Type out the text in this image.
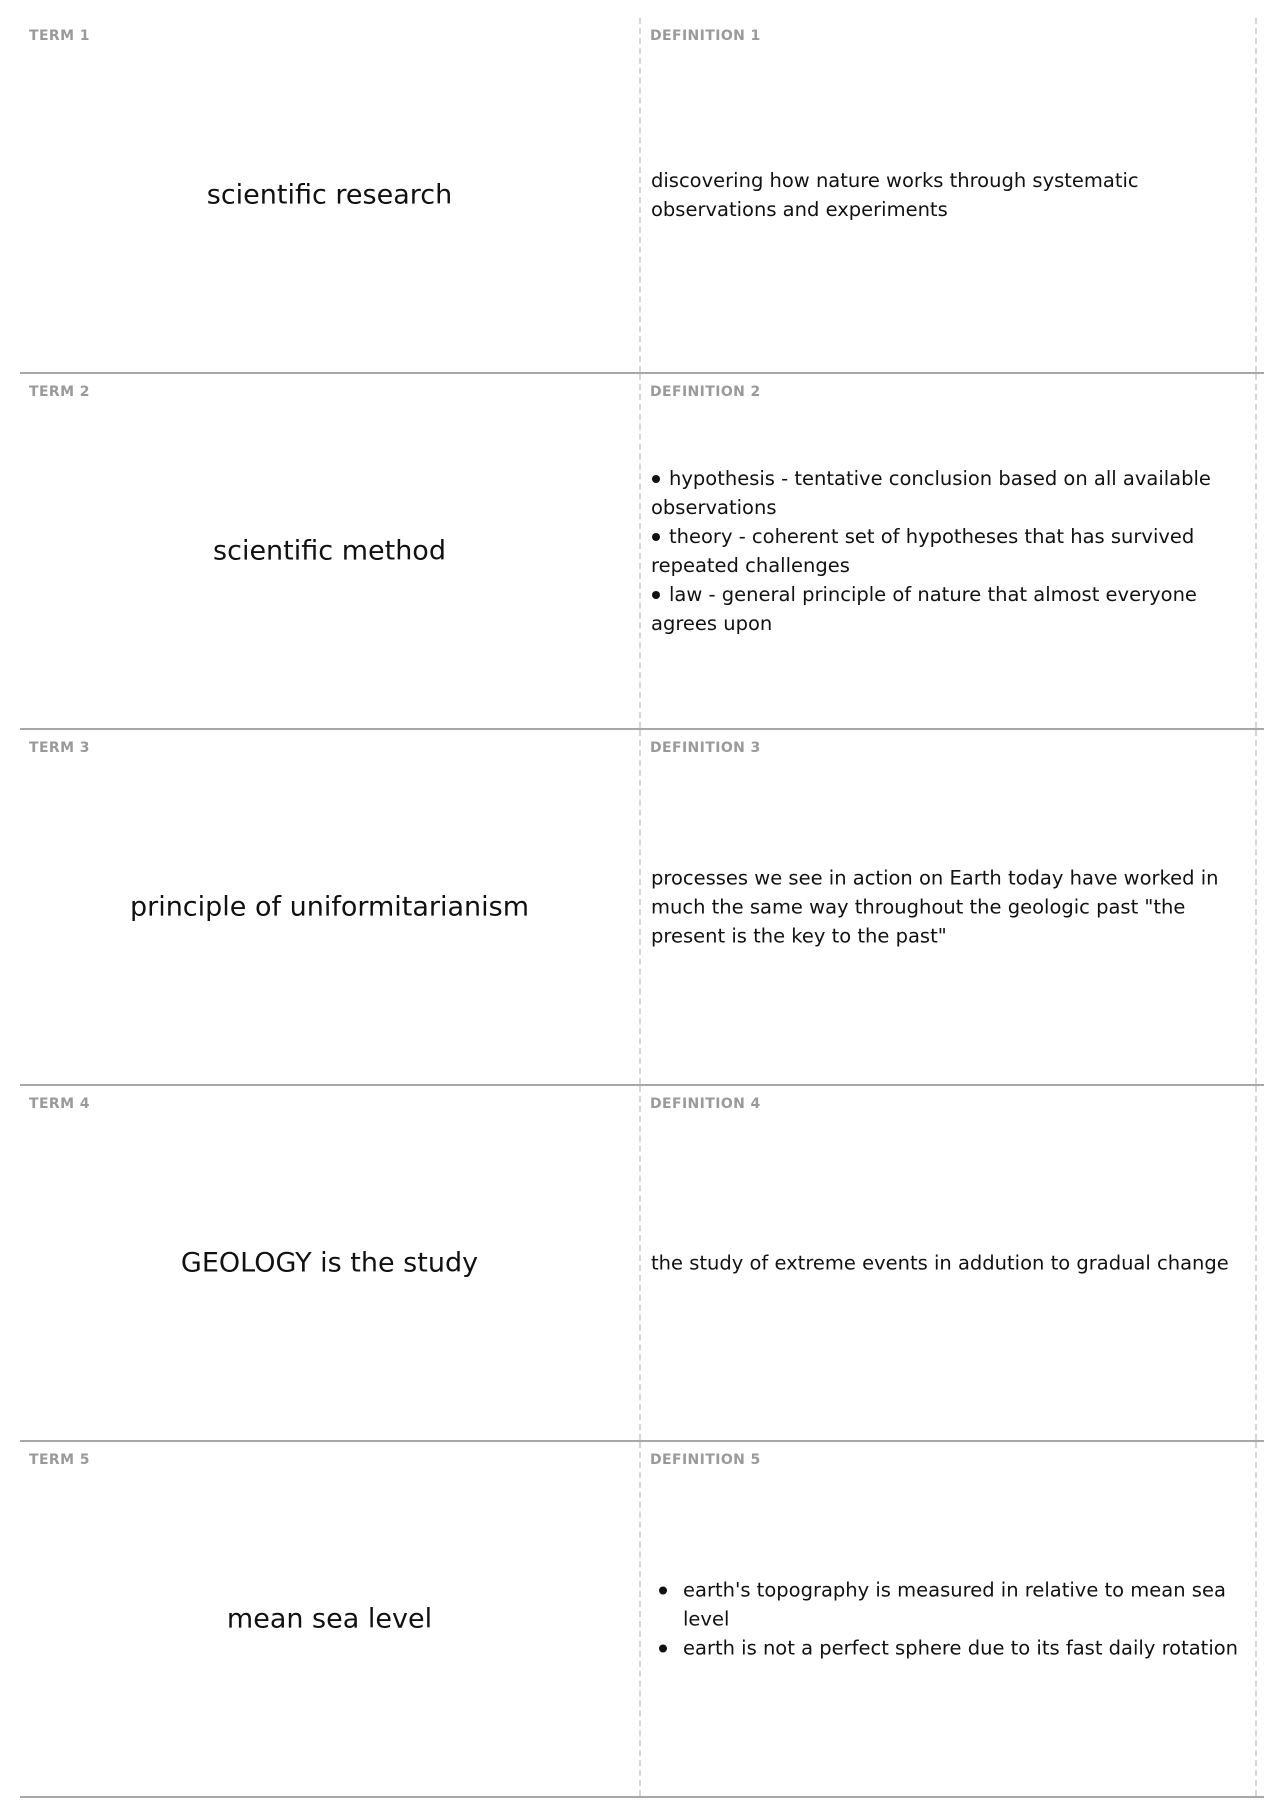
TERM 1
scientific research
DEFINITION 1

discovering how nature works through systematic observations and experiments

TERM 2
scientific method
DEFINITION 2
hypothesis - tentative conclusion based on all available observations
theory - coherent set of hypotheses that has survived repeated challenges
law - general principle of nature that almost everyone agrees upon
TERM 3
principle of uniformitarianism
DEFINITION 3

processes we see in action on Earth today have worked in much the same way throughout the geologic past "the present is the key to the past"

TERM 4
GEOLOGY is the study
DEFINITION 4

the study of extreme events in addution to gradual change

TERM 5
mean sea level
DEFINITION 5
earth's topography is measured in relative to mean sea level
earth is not a perfect sphere due to its fast daily rotation
